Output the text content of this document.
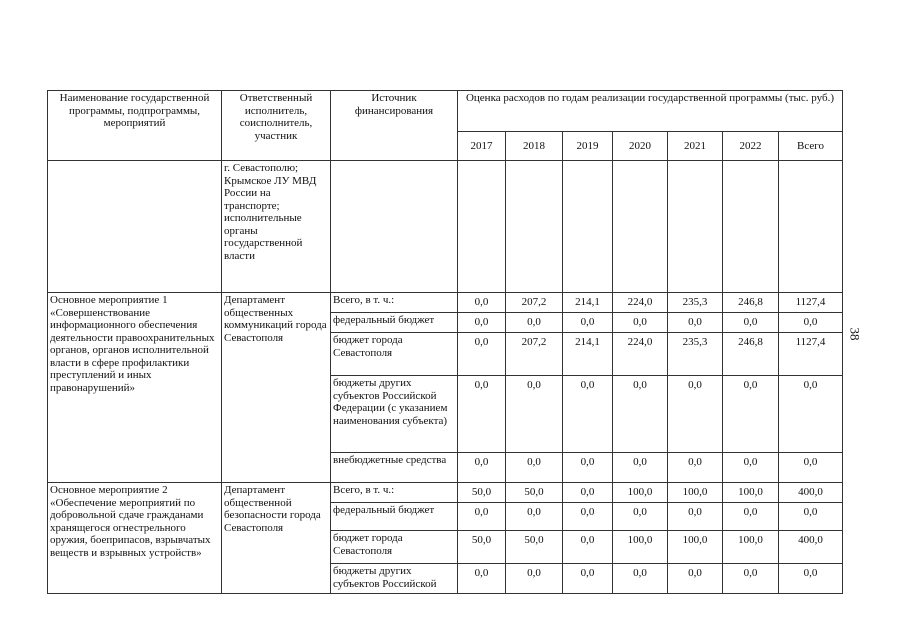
38
Наименование государственной программы, подпрограммы, мероприятий	Ответственный исполнитель, соисполнитель, участник	Источник финансирования	Оценка расходов по годам реализации государственной программы (тыс. руб.)						
			2017	2018	2019	2020	2021	2022	Всего
	г. Севастополю; Крымское ЛУ МВД России на транспорте; исполнительные органы государственной власти								
Основное мероприятие 1 «Совершенствование информационного обеспечения деятельности правоохранительных органов, органов исполнительной власти в сфере профилактики преступлений и иных правонарушений»	Департамент общественных коммуникаций города Севастополя	Всего, в т. ч.:	0,0	207,2	214,1	224,0	235,3	246,8	1127,4
		федеральный бюджет	0,0	0,0	0,0	0,0	0,0	0,0	0,0
		бюджет города Севастополя	0,0	207,2	214,1	224,0	235,3	246,8	1127,4
		бюджеты других субъектов Российской Федерации (с указанием наименования субъекта)	0,0	0,0	0,0	0,0	0,0	0,0	0,0
		внебюджетные средства	0,0	0,0	0,0	0,0	0,0	0,0	0,0
Основное мероприятие 2 «Обеспечение мероприятий по добровольной сдаче гражданами хранящегося огнестрельного оружия, боеприпасов, взрывчатых веществ и взрывных устройств»	Департамент общественной безопасности города Севастополя	Всего, в т. ч.:	50,0	50,0	0,0	100,0	100,0	100,0	400,0
		федеральный бюджет	0,0	0,0	0,0	0,0	0,0	0,0	0,0
		бюджет города Севастополя	50,0	50,0	0,0	100,0	100,0	100,0	400,0
		бюджеты других субъектов Российской	0,0	0,0	0,0	0,0	0,0	0,0	0,0
